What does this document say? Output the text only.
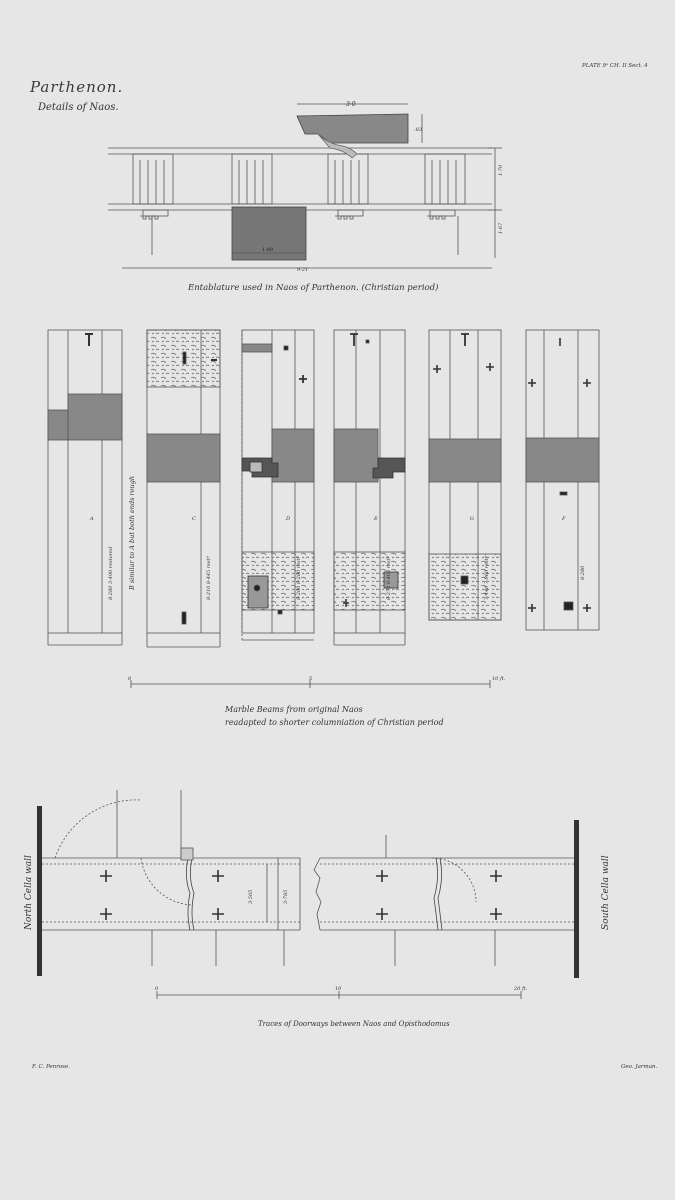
PLATE 9ᵃ CH. II Sect. 4
Parthenon.
Details of Naos.	3·0
·83
1·70
1·67
1·80
9·21
A
8·280 3·490 restored
C
8·210 8·445 restᵈ
D
8·260 8·280 restᵈ
E
8·272 8·403 restᵈ
G
7·440 7·960 restᵈ
F
8·280
0	5	10 ft.
3·505	3·785
0	10	20 ft.
Entablature used in Naos of Parthenon. (Christian period)
B similar to A but both ends rough
Marble Beams from original Naos
readapted to shorter columniation of Christian period
North Cella wall	South Cella wall
Traces of Doorways between Naos and Opisthodomus
F. C. Penrose.	Geo. Jarman.
